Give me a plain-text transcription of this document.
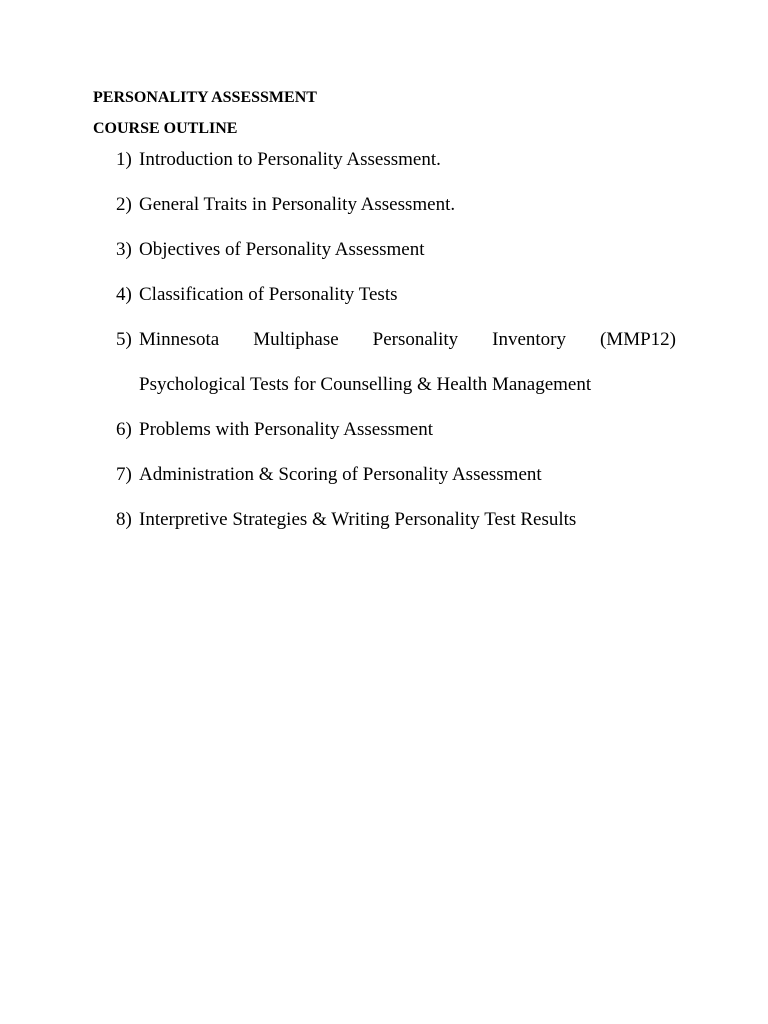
PERSONALITY ASSESSMENT
COURSE OUTLINE
1) Introduction to Personality Assessment.
2) General Traits in Personality Assessment.
3) Objectives of Personality Assessment
4) Classification of Personality Tests
5) Minnesota Multiphase Personality Inventory (MMP12)
Psychological Tests for Counselling & Health Management
6) Problems with Personality Assessment
7) Administration & Scoring of Personality Assessment
8) Interpretive Strategies & Writing Personality Test Results
